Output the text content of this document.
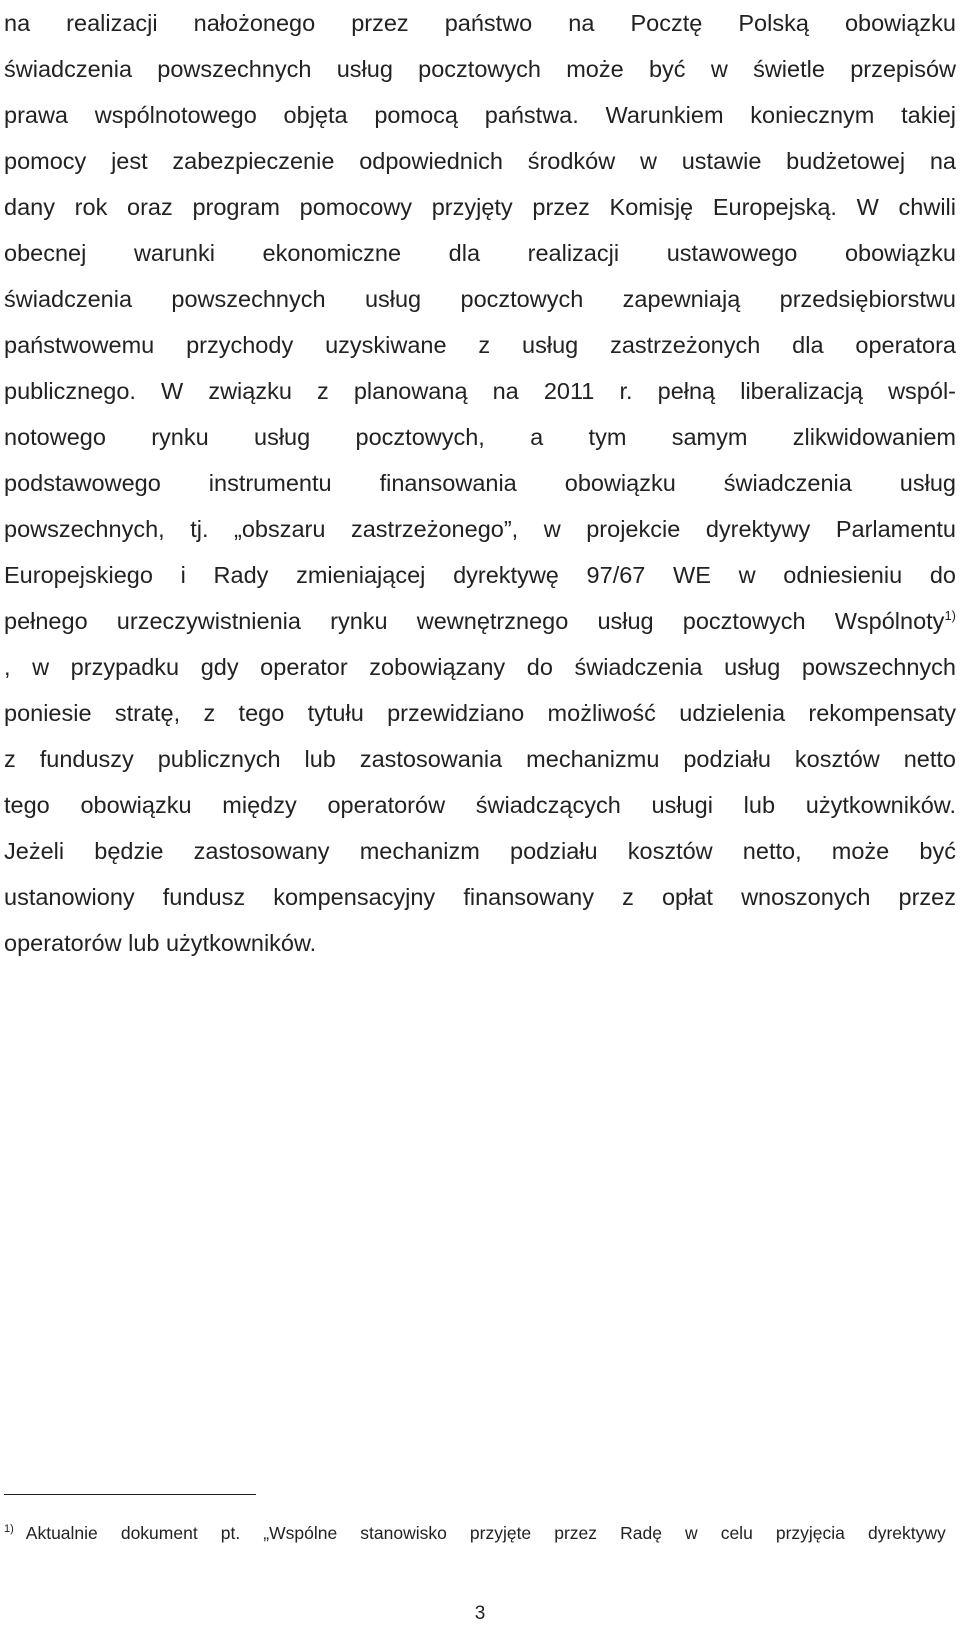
na realizacji nałożonego przez państwo na Pocztę Polską obowiązku
świadczenia powszechnych usług pocztowych może być w świetle przepisów
prawa wspólnotowego objęta pomocą państwa. Warunkiem koniecznym takiej
pomocy jest zabezpieczenie odpowiednich środków w ustawie budżetowej na
dany rok oraz program pomocowy przyjęty przez Komisję Europejską. W chwili
obecnej warunki ekonomiczne dla realizacji ustawowego obowiązku
świadczenia powszechnych usług pocztowych zapewniają przedsiębiorstwu
państwowemu przychody uzyskiwane z usług zastrzeżonych dla operatora
publicznego. W związku z planowaną na 2011 r. pełną liberalizacją wspól-
notowego rynku usług pocztowych, a tym samym zlikwidowaniem
podstawowego instrumentu finansowania obowiązku świadczenia usług
powszechnych, tj. „obszaru zastrzeżonego”, w projekcie dyrektywy Parlamentu
Europejskiego i Rady zmieniającej dyrektywę 97/67 WE w odniesieniu do
pełnego urzeczywistnienia rynku wewnętrznego usług pocztowych Wspólnoty$^{1)}$
, w przypadku gdy operator zobowiązany do świadczenia usług powszechnych
poniesie stratę, z tego tytułu przewidziano możliwość udzielenia rekompensaty
z funduszy publicznych lub zastosowania mechanizmu podziału kosztów netto
tego obowiązku między operatorów świadczących usługi lub użytkowników.
Jeżeli będzie zastosowany mechanizm podziału kosztów netto, może być
ustanowiony fundusz kompensacyjny finansowany z opłat wnoszonych przez
operatorów lub użytkowników.
$^{1)}$ Aktualnie dokument pt. „Wspólne stanowisko przyjęte przez Radę w celu przyjęcia dyrektywy
3
